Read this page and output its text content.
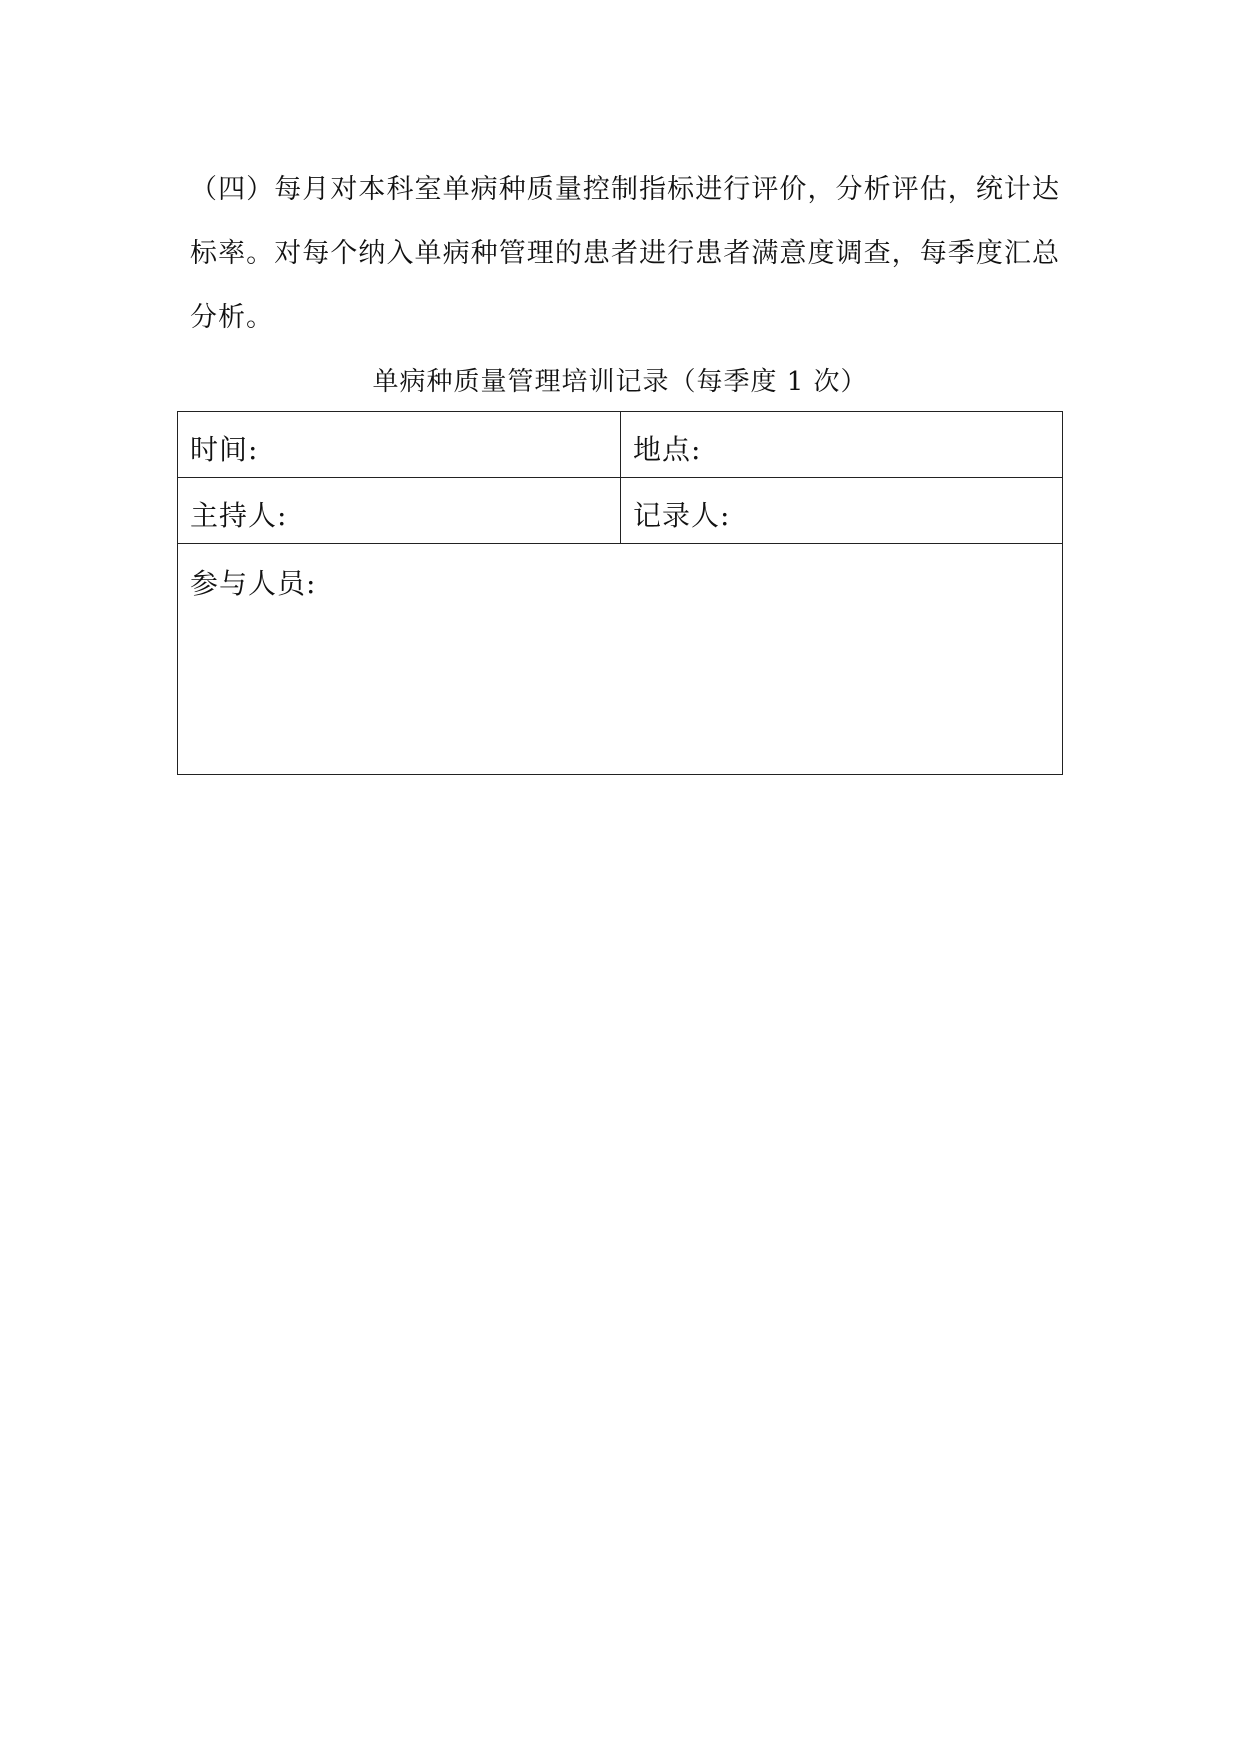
（四）每月对本科室单病种质量控制指标进行评价，分析评估，统计达标率。对每个纳入单病种管理的患者进行患者满意度调查，每季度汇总分析。
单病种质量管理培训记录（每季度 1 次）
时间:	地点:
主持人:	记录人:
参与人员:
